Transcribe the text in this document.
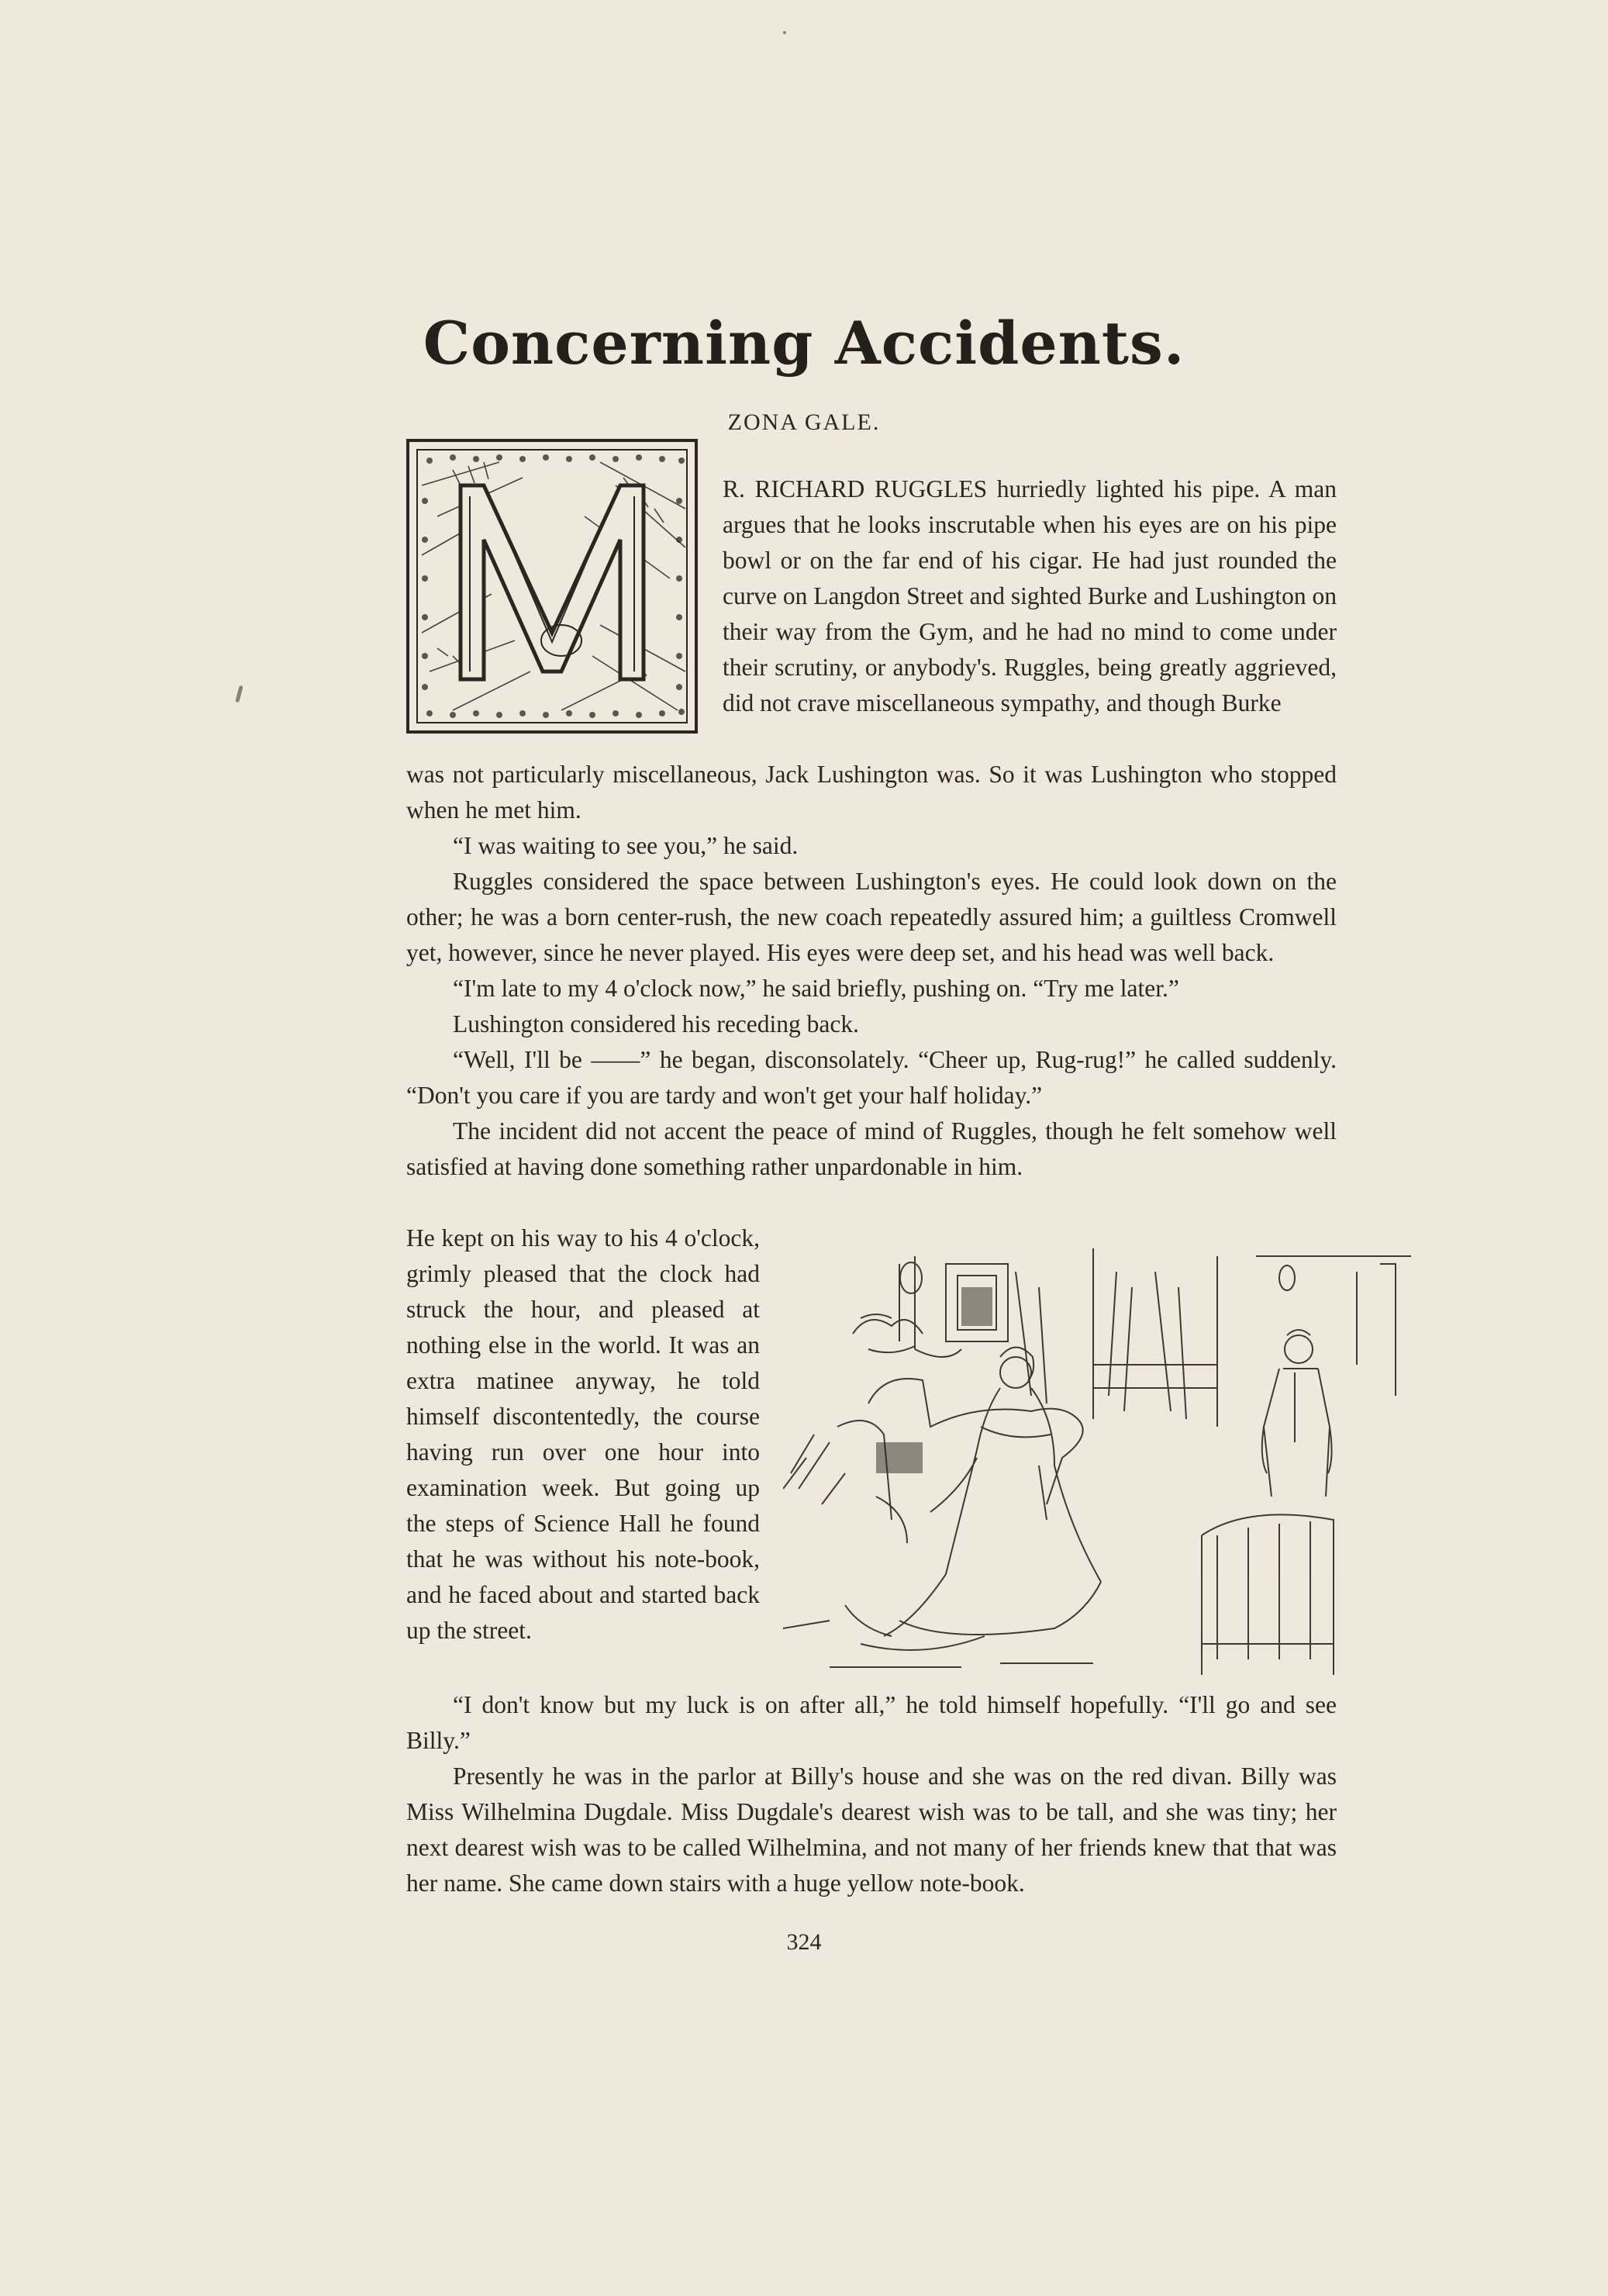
Concerning Accidents.
ZONA GALE.

R. RICHARD RUGGLES hurriedly lighted his pipe. A man argues that he looks inscrutable when his eyes are on his pipe bowl or on the far end of his cigar. He had just rounded the curve on Langdon Street and sighted Burke and Lushington on their way from the Gym, and he had no mind to come under their scrutiny, or anybody's. Ruggles, being greatly aggrieved, did not crave miscellaneous sympathy, and though Burke

was not particularly miscellaneous, Jack Lushington was. So it was Lushington who stopped when he met him.

“I was waiting to see you,” he said.

Ruggles considered the space between Lushington's eyes. He could look down on the other; he was a born center-rush, the new coach repeatedly assured him; a guiltless Cromwell yet, however, since he never played. His eyes were deep set, and his head was well back.

“I'm late to my 4 o'clock now,” he said briefly, pushing on. “Try me later.”

Lushington considered his receding back.

“Well, I'll be ——” he began, disconsolately. “Cheer up, Rug-rug!” he called suddenly. “Don't you care if you are tardy and won't get your half holiday.”

The incident did not accent the peace of mind of Ruggles, though he felt somehow well satisfied at having done something rather unpardonable in him.

He kept on his way to his 4 o'clock, grimly pleased that the clock had struck the hour, and pleased at nothing else in the world. It was an extra matinee anyway, he told himself discontentedly, the course having run over one hour into examination week. But going up the steps of Science Hall he found that he was without his note-book, and he faced about and started back up the street.

“I don't know but my luck is on after all,” he told himself hopefully. “I'll go and see Billy.”

Presently he was in the parlor at Billy's house and she was on the red divan. Billy was Miss Wilhelmina Dugdale. Miss Dugdale's dearest wish was to be tall, and she was tiny; her next dearest wish was to be called Wilhelmina, and not many of her friends knew that that was her name. She came down stairs with a huge yellow note-book.

324
